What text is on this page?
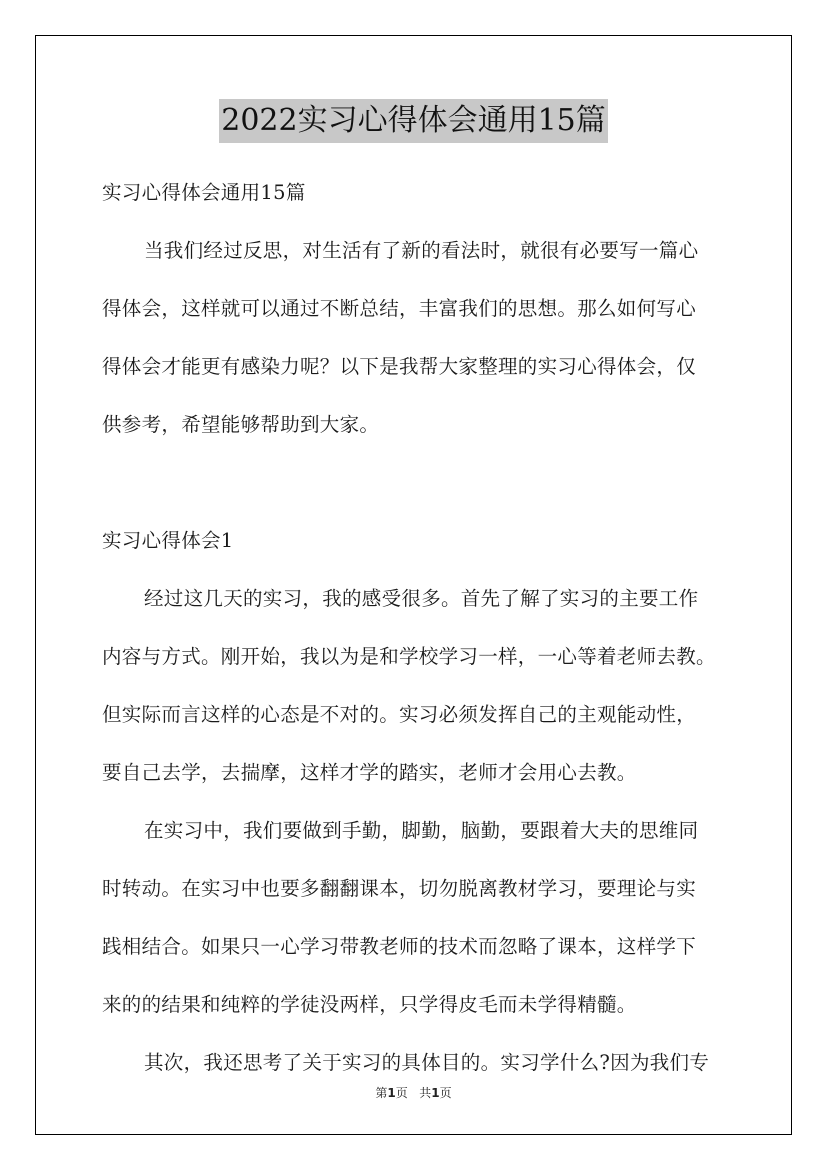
2022实习心得体会通用15篇
实习心得体会通用15篇
当我们经过反思，对生活有了新的看法时，就很有必要写一篇心
得体会，这样就可以通过不断总结，丰富我们的思想。那么如何写心
得体会才能更有感染力呢？以下是我帮大家整理的实习心得体会，仅
供参考，希望能够帮助到大家。
实习心得体会1
经过这几天的实习，我的感受很多。首先了解了实习的主要工作
内容与方式。刚开始，我以为是和学校学习一样，一心等着老师去教。
但实际而言这样的心态是不对的。实习必须发挥自己的主观能动性，
要自己去学，去揣摩，这样才学的踏实，老师才会用心去教。
在实习中，我们要做到手勤，脚勤，脑勤，要跟着大夫的思维同
时转动。在实习中也要多翻翻课本，切勿脱离教材学习，要理论与实
践相结合。如果只一心学习带教老师的技术而忽略了课本，这样学下
来的的结果和纯粹的学徒没两样，只学得皮毛而未学得精髓。
其次，我还思考了关于实习的具体目的。实习学什么?因为我们专
第1页 共1页
